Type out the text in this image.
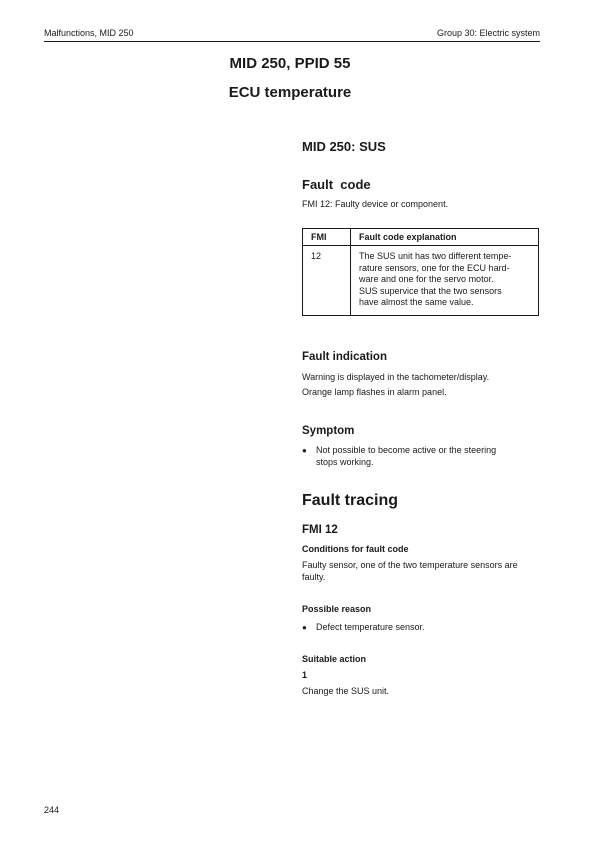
Malfunctions, MID 250	Group 30: Electric system
MID 250, PPID 55
ECU temperature
MID 250: SUS
Fault  code
FMI 12: Faulty device or component.
FMI	Fault code explanation
12	The SUS unit has two different tempe-
rature sensors, one for the ECU hard-
ware and one for the servo motor.
SUS supervice that the two sensors
have almost the same value.
Fault indication
Warning is displayed in the tachometer/display.
Orange lamp flashes in alarm panel.
Symptom
●	Not possible to become active or the steering
stops working.
Fault tracing
FMI 12
Conditions for fault code
Faulty sensor, one of the two temperature sensors are
faulty.
Possible reason
●	Defect temperature sensor.
Suitable action
1
Change the SUS unit.
244
